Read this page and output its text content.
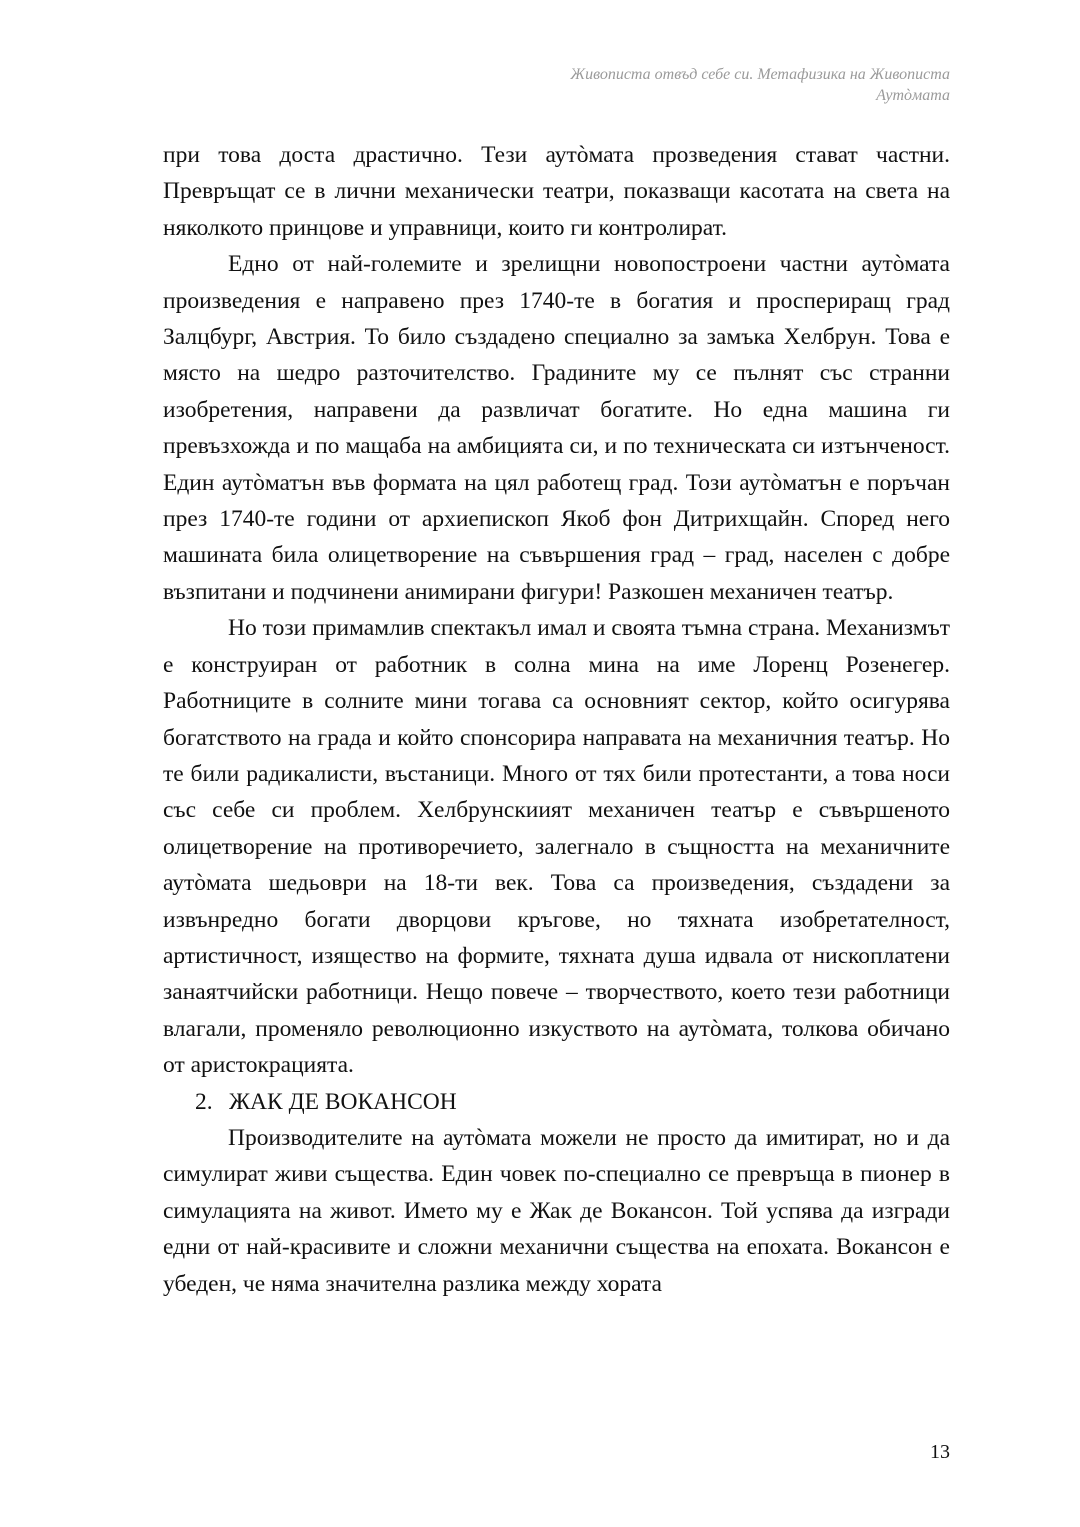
Живописта отвъд себе си. Метафизика на Живописта
Аутòмата

при това доста драстично. Тези аутòмата прозведения стават частни. Превръщат се в лични механически театри, показващи касотата на света на няколкото принцове и управници, които ги контролират.

Едно от най-големите и зрелищни новопостроени частни аутòмата произведения е направено през 1740-те в богатия и проспериращ град Залцбург, Австрия. То било създадено специално за замъка Хелбрун. Това е място на шедро разточителство. Градините му се пълнят със странни изобретения, направени да развличат богатите. Но една машина ги превъзхожда и по мащаба на амбицията си, и по техническата си изтънченост. Един аутòматън във формата на цял работещ град. Този аутòматън е поръчан през 1740-те години от архиепископ Якоб фон Дитрихщайн. Според него машината била олицетворение на съвършения град – град, населен с добре възпитани и подчинени анимирани фигури! Разкошен механичен театър.

Но този примамлив спектакъл имал и своята тъмна страна. Механизмът е конструиран от работник в солна мина на име Лоренц Розенегер. Работниците в солните мини тогава са основният сектор, който осигурява богатството на града и който спонсорира направата на механичния театър. Но те били радикалисти, въстаници. Много от тях били протестанти, а това носи със себе си проблем. Хелбрунскиият механичен театър е съвършеното олицетворение на противоречието, залегнало в същността на механичните аутòмата шедьоври на 18-ти век. Това са произведения, създадени за извънредно богати дворцови кръгове, но тяхната изобретателност, артистичност, изящество на формите, тяхната душа идвала от нископлатени занаятчийски работници. Нещо повече – творчеството, което тези работници влагали, променяло революционно изкуството на аутòмата, толкова обичано от аристокрацията.

2. ЖАК ДЕ ВОКАНСОН

Производителите на аутòмата можели не просто да имитират, но и да симулират живи същества. Един човек по-специално се превръща в пионер в симулацията на живот. Името му е Жак де Вокансон. Той успява да изгради едни от най-красивите и сложни механични същества на епохата. Вокансон е убеден, че няма значителна разлика между хората

13
